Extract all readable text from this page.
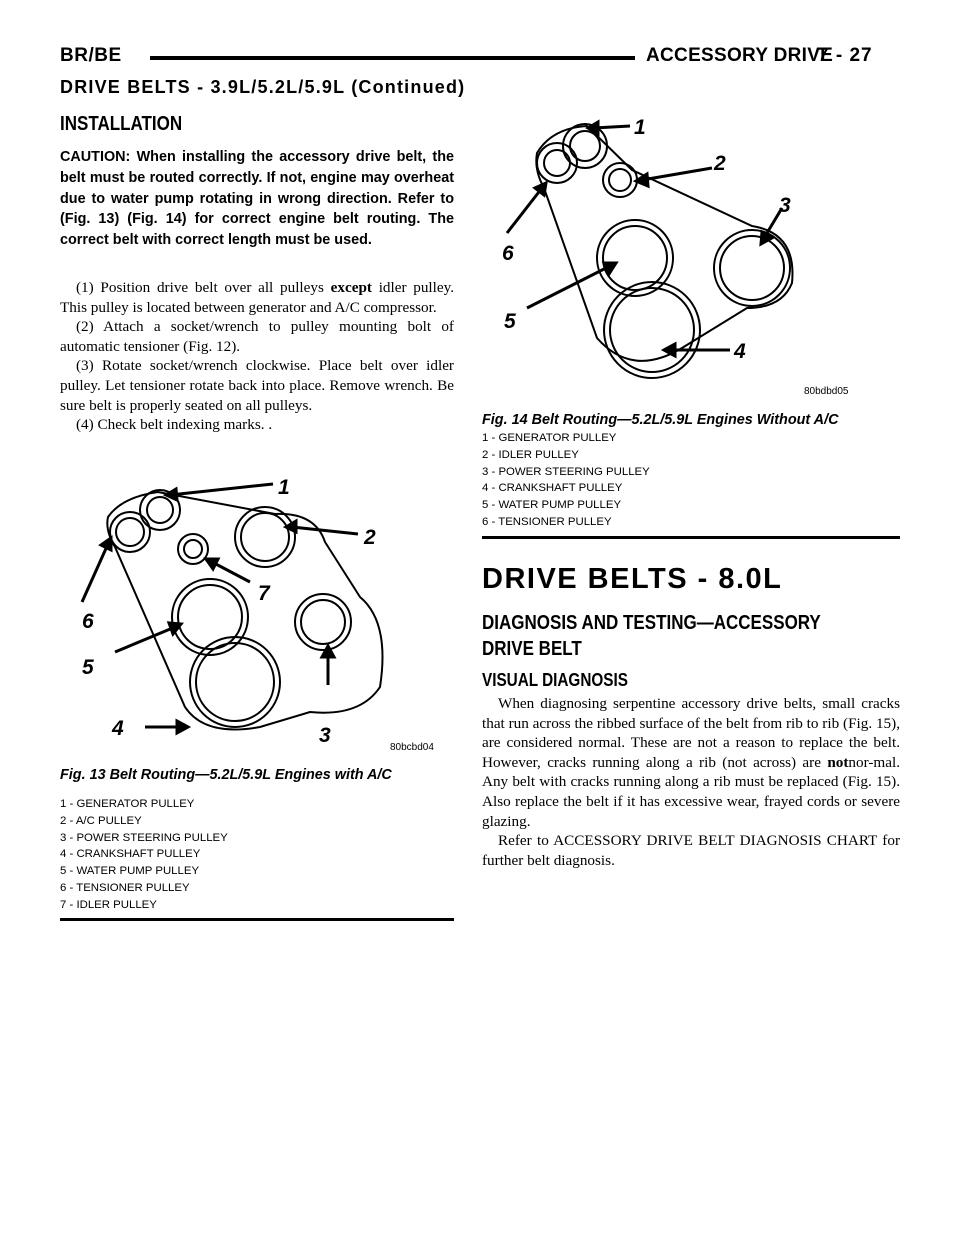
BR/BE	ACCESSORY DRIVE
7 - 27
DRIVE BELTS - 3.9L/5.2L/5.9L (Continued)
INSTALLATION
CAUTION: When installing the accessory drive belt, the belt must be routed correctly. If not, engine may overheat due to water pump rotating in wrong direction. Refer to (Fig. 13) (Fig. 14) for correct engine belt routing. The correct belt with correct length must be used.

(1) Position drive belt over all pulleys except idler pulley. This pulley is located between generator and A/C compressor.

(2) Attach a socket/wrench to pulley mounting bolt of automatic tensioner (Fig. 12).

(3) Rotate socket/wrench clockwise. Place belt over idler pulley. Let tensioner rotate back into place. Remove wrench. Be sure belt is properly seated on all pulleys.

(4) Check belt indexing marks. .

1
2
3
4
5
6
7
80bcbd04
Fig. 13 Belt Routing—5.2L/5.9L Engines with A/C
1 - GENERATOR PULLEY
2 - A/C PULLEY
3 - POWER STEERING PULLEY
4 - CRANKSHAFT PULLEY
5 - WATER PUMP PULLEY
6 - TENSIONER PULLEY
7 - IDLER PULLEY
1
2
3
4
5
6
80bdbd05
Fig. 14 Belt Routing—5.2L/5.9L Engines Without A/C
1 - GENERATOR PULLEY
2 - IDLER PULLEY
3 - POWER STEERING PULLEY
4 - CRANKSHAFT PULLEY
5 - WATER PUMP PULLEY
6 - TENSIONER PULLEY
DRIVE BELTS - 8.0L
DIAGNOSIS AND TESTING—ACCESSORY
DRIVE BELT
VISUAL DIAGNOSIS

When diagnosing serpentine accessory drive belts, small cracks that run across the ribbed surface of the belt from rib to rib (Fig. 15), are considered normal. These are not a reason to replace the belt. However, cracks running along a rib (not across) are notnor-mal. Any belt with cracks running along a rib must be replaced (Fig. 15). Also replace the belt if it has excessive wear, frayed cords or severe glazing.

Refer to ACCESSORY DRIVE BELT DIAGNOSIS CHART for further belt diagnosis.
